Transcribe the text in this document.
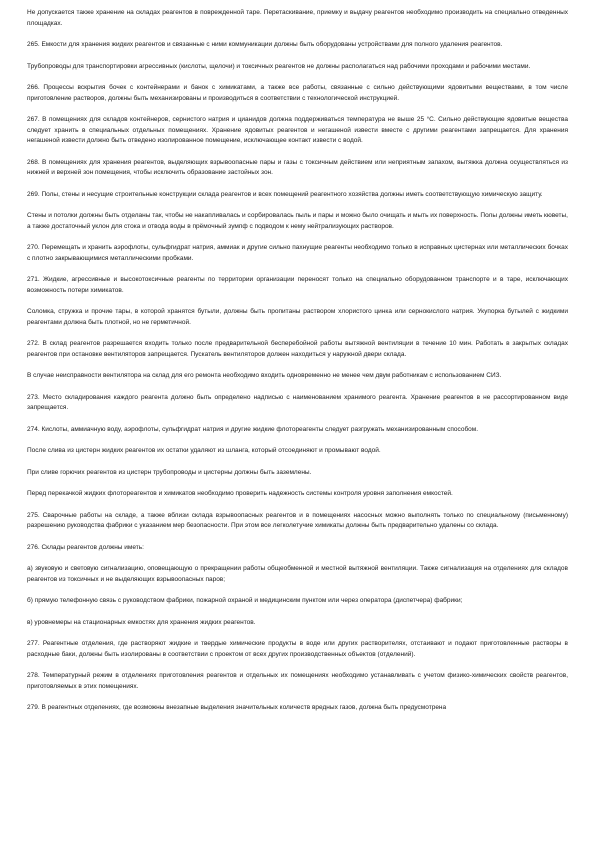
Не допускается также хранение на складах реагентов в поврежденной таре. Перетаскивание, приемку и выдачу реагентов необходимо производить на специально отведенных площадках.

265. Емкости для хранения жидких реагентов и связанные с ними коммуникации должны быть оборудованы устройствами для полного удаления реагентов.

Трубопроводы для транспортировки агрессивных (кислоты, щелочи) и токсичных реагентов не должны располагаться над рабочими проходами и рабочими местами.

266. Процессы вскрытия бочек с контейнерами и банок с химикатами, а также все работы, связанные с сильно действующими ядовитыми веществами, в том числе приготовление растворов, должны быть механизированы и производиться в соответствии с технологической инструкцией.

267. В помещениях для складов контейнеров, сернистого натрия и цианидов должна поддерживаться температура не выше 25 °С. Сильно действующие ядовитые вещества следует хранить в специальных отдельных помещениях. Хранение ядовитых реагентов и негашеной извести вместе с другими реагентами запрещается. Для хранения негашеной извести должно быть отведено изолированное помещение, исключающее контакт извести с водой.

268. В помещениях для хранения реагентов, выделяющих взрывоопасные пары и газы с токсичным действием или неприятным запахом, вытяжка должна осуществляться из нижней и верхней зон помещения, чтобы исключить образование застойных зон.

269. Полы, стены и несущие строительные конструкции склада реагентов и всех помещений реагентного хозяйства должны иметь соответствующую химическую защиту.

Стены и потолки должны быть отделаны так, чтобы не накапливалась и сорбировалась пыль и пары и можно было очищать и мыть их поверхность. Полы должны иметь кюветы, а также достаточный уклон для стока и отвода воды в прёмочный зумпф с подводом к нему нейтрализующих растворов.

270. Перемещать и хранить аэрофлоты, сульфгидрат натрия, аммиак и другие сильно пахнущие реагенты необходимо только в исправных цистернах или металлических бочках с плотно закрывающимися металлическими пробками.

271. Жидкие, агрессивные и высокотоксичные реагенты по территории организации переносят только на специально оборудованном транспорте и в таре, исключающих возможность потери химикатов.

Соломка, стружка и прочие тары, в которой хранятся бутыли, должны быть пропитаны раствором хлористого цинка или сернокислого натрия. Укупорка бутылей с жидкими реагентами должна быть плотной, но не герметичной.

272. В склад реагентов разрешается входить только после предварительной бесперебойной работы вытяжной вентиляции в течение 10 мин. Работать в закрытых складах реагентов при остановке вентиляторов запрещается. Пускатель вентиляторов должен находиться у наружной двери склада.

В случае неисправности вентилятора на склад для его ремонта необходимо входить одновременно не менее чем двум работникам с использованием СИЗ.

273. Место складирования каждого реагента должно быть определено надписью с наименованием хранимого реагента. Хранение реагентов в не рассортированном виде запрещается.

274. Кислоты, аммиачную воду, аэрофлоты, сульфгидрат натрия и другие жидкие флотореагенты следует разгружать механизированным способом.

После слива из цистерн жидких реагентов их остатки удаляют из шланга, который отсоединяют и промывают водой.

При сливе горючих реагентов из цистерн трубопроводы и цистерны должны быть заземлены.

Перед перекачкой жидких флотореагентов и химикатов необходимо проверить надежность системы контроля уровня заполнения емкостей.

275. Сварочные работы на складе, а также вблизи склада взрывоопасных реагентов и в помещениях насосных можно выполнять только по специальному (письменному) разрешению руководства фабрики с указанием мер безопасности. При этом все легколетучие химикаты должны быть предварительно удалены со склада.

276. Склады реагентов должны иметь:

а) звуковую и световую сигнализацию, оповещающую о прекращении работы общеобменной и местной вытяжной вентиляции. Также сигнализация на отделениях для складов реагентов из токсичных и не выделяющих взрывоопасных паров;

б) прямую телефонную связь с руководством фабрики, пожарной охраной и медицинским пунктом или через оператора (диспетчера) фабрики;

в) уровнемеры на стационарных емкостях для хранения жидких реагентов.

277. Реагентные отделения, где растворяют жидкие и твердые химические продукты в воде или других растворителях, отстаивают и подают приготовленные растворы в расходные баки, должны быть изолированы в соответствии с проектом от всех других производственных объектов (отделений).

278. Температурный режим в отделениях приготовления реагентов и отдельных их помещениях необходимо устанавливать с учетом физико-химических свойств реагентов, приготовляемых в этих помещениях.

279. В реагентных отделениях, где возможны внезапные выделения значительных количеств вредных газов, должна быть предусмотрена
